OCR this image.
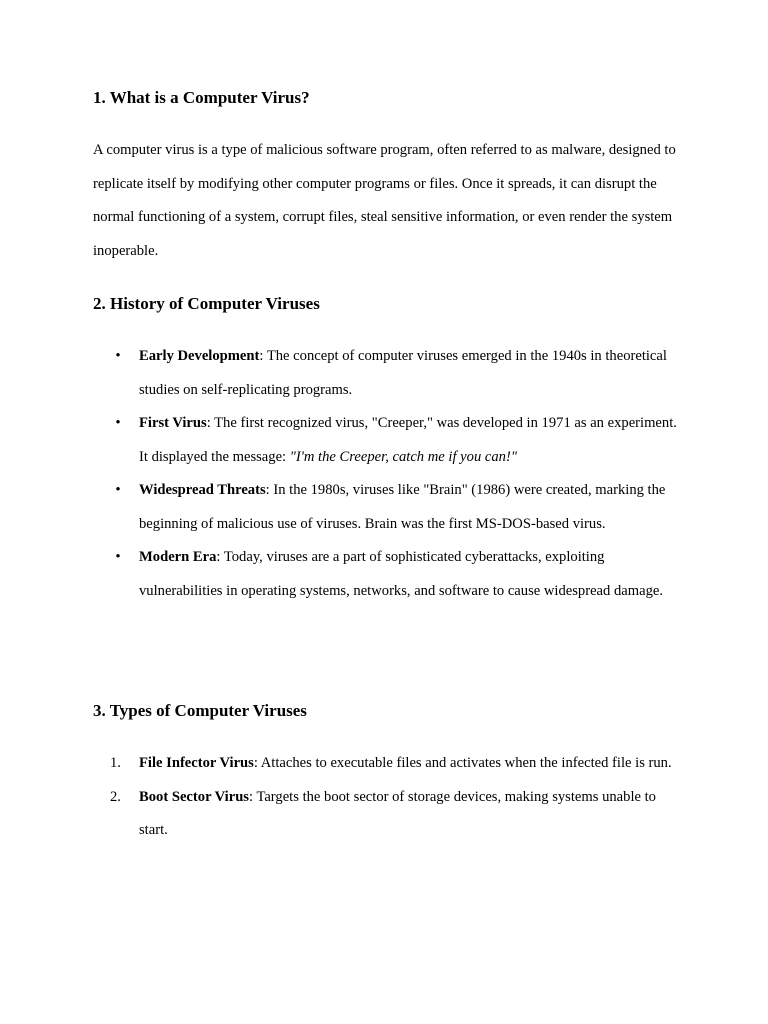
1. What is a Computer Virus?

A computer virus is a type of malicious software program, often referred to as malware, designed to replicate itself by modifying other computer programs or files. Once it spreads, it can disrupt the normal functioning of a system, corrupt files, steal sensitive information, or even render the system inoperable.

2. History of Computer Viruses
•	Early Development: The concept of computer viruses emerged in the 1940s in theoretical studies on self-replicating programs.
•	First Virus: The first recognized virus, "Creeper," was developed in 1971 as an experiment. It displayed the message: "I'm the Creeper, catch me if you can!"
•	Widespread Threats: In the 1980s, viruses like "Brain" (1986) were created, marking the beginning of malicious use of viruses. Brain was the first MS-DOS-based virus.
•	Modern Era: Today, viruses are a part of sophisticated cyberattacks, exploiting vulnerabilities in operating systems, networks, and software to cause widespread damage.
3. Types of Computer Viruses
1.	File Infector Virus: Attaches to executable files and activates when the infected file is run.
2.	Boot Sector Virus: Targets the boot sector of storage devices, making systems unable to start.
